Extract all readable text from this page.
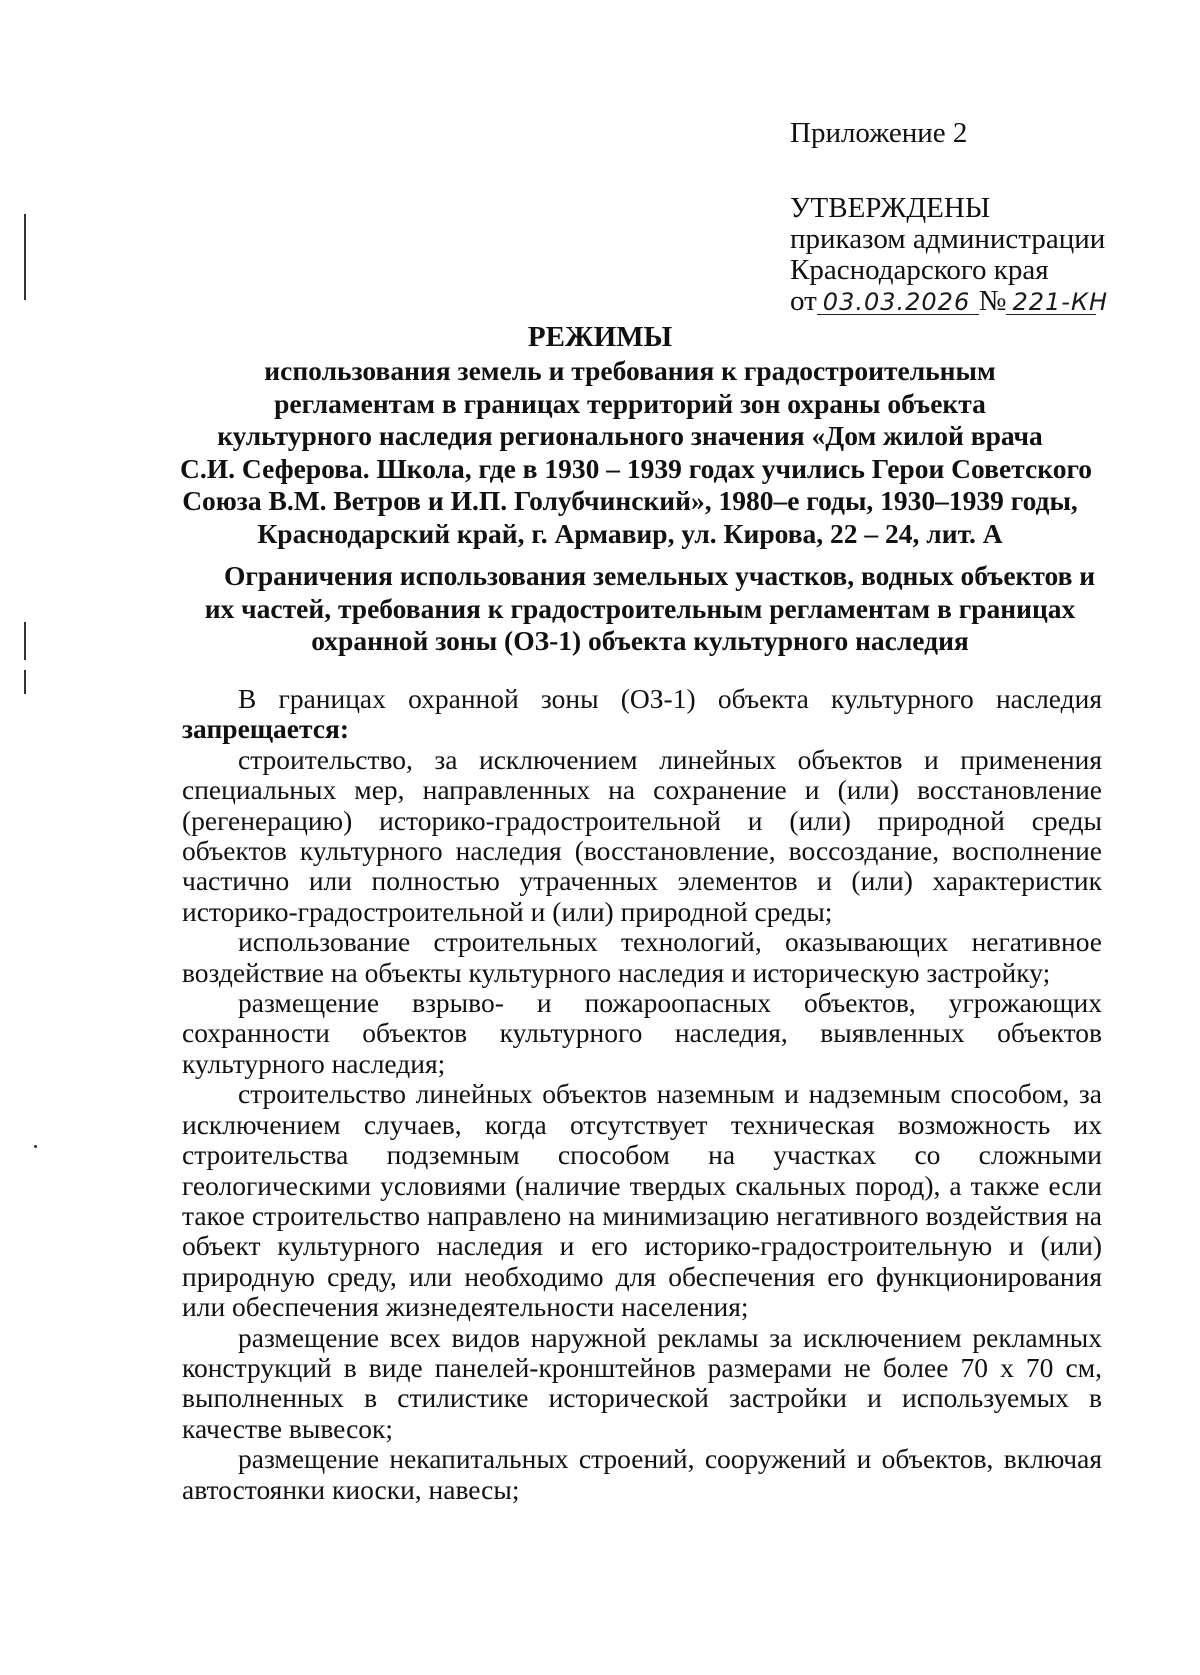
Приложение 2
УТВЕРЖДЕНЫ
приказом администрации
Краснодарского края
от 03.03.2026 № 221-КН
РЕЖИМЫ
использования земель и требования к градостроительным
регламентам в границах территорий зон охраны объекта
культурного наследия регионального значения «Дом жилой врача
С.И. Сеферова. Школа, где в 1930 – 1939 годах учились Герои Советского
Союза В.М. Ветров и И.П. Голубчинский», 1980–е годы, 1930–1939 годы,
Краснодарский край, г. Армавир, ул. Кирова, 22 – 24, лит. А
Ограничения использования земельных участков, водных объектов и
их частей, требования к градостроительным регламентам в границах
охранной зоны (ОЗ-1) объекта культурного наследия

В границах охранной зоны (ОЗ-1) объекта культурного наследия запрещается:

строительство, за исключением линейных объектов и применения специальных мер, направленных на сохранение и (или) восстановление (регенерацию) историко-градостроительной и (или) природной среды объектов культурного наследия (восстановление, воссоздание, восполнение частично или полностью утраченных элементов и (или) характеристик историко-градостроительной и (или) природной среды;

использование строительных технологий, оказывающих негативное воздействие на объекты культурного наследия и историческую застройку;

размещение взрыво- и пожароопасных объектов, угрожающих сохранности объектов культурного наследия, выявленных объектов культурного наследия;

строительство линейных объектов наземным и надземным способом, за исключением случаев, когда отсутствует техническая возможность их строительства подземным способом на участках со сложными геологическими условиями (наличие твердых скальных пород), а также если такое строительство направлено на минимизацию негативного воздействия на объект культурного наследия и его историко-градостроительную и (или) природную среду, или необходимо для обеспечения его функционирования или обеспечения жизнедеятельности населения;

размещение всех видов наружной рекламы за исключением рекламных конструкций в виде панелей-кронштейнов размерами не более 70 х 70 см, выполненных в стилистике исторической застройки и используемых в качестве вывесок;

размещение некапитальных строений, сооружений и объектов, включая автостоянки киоски, навесы;
